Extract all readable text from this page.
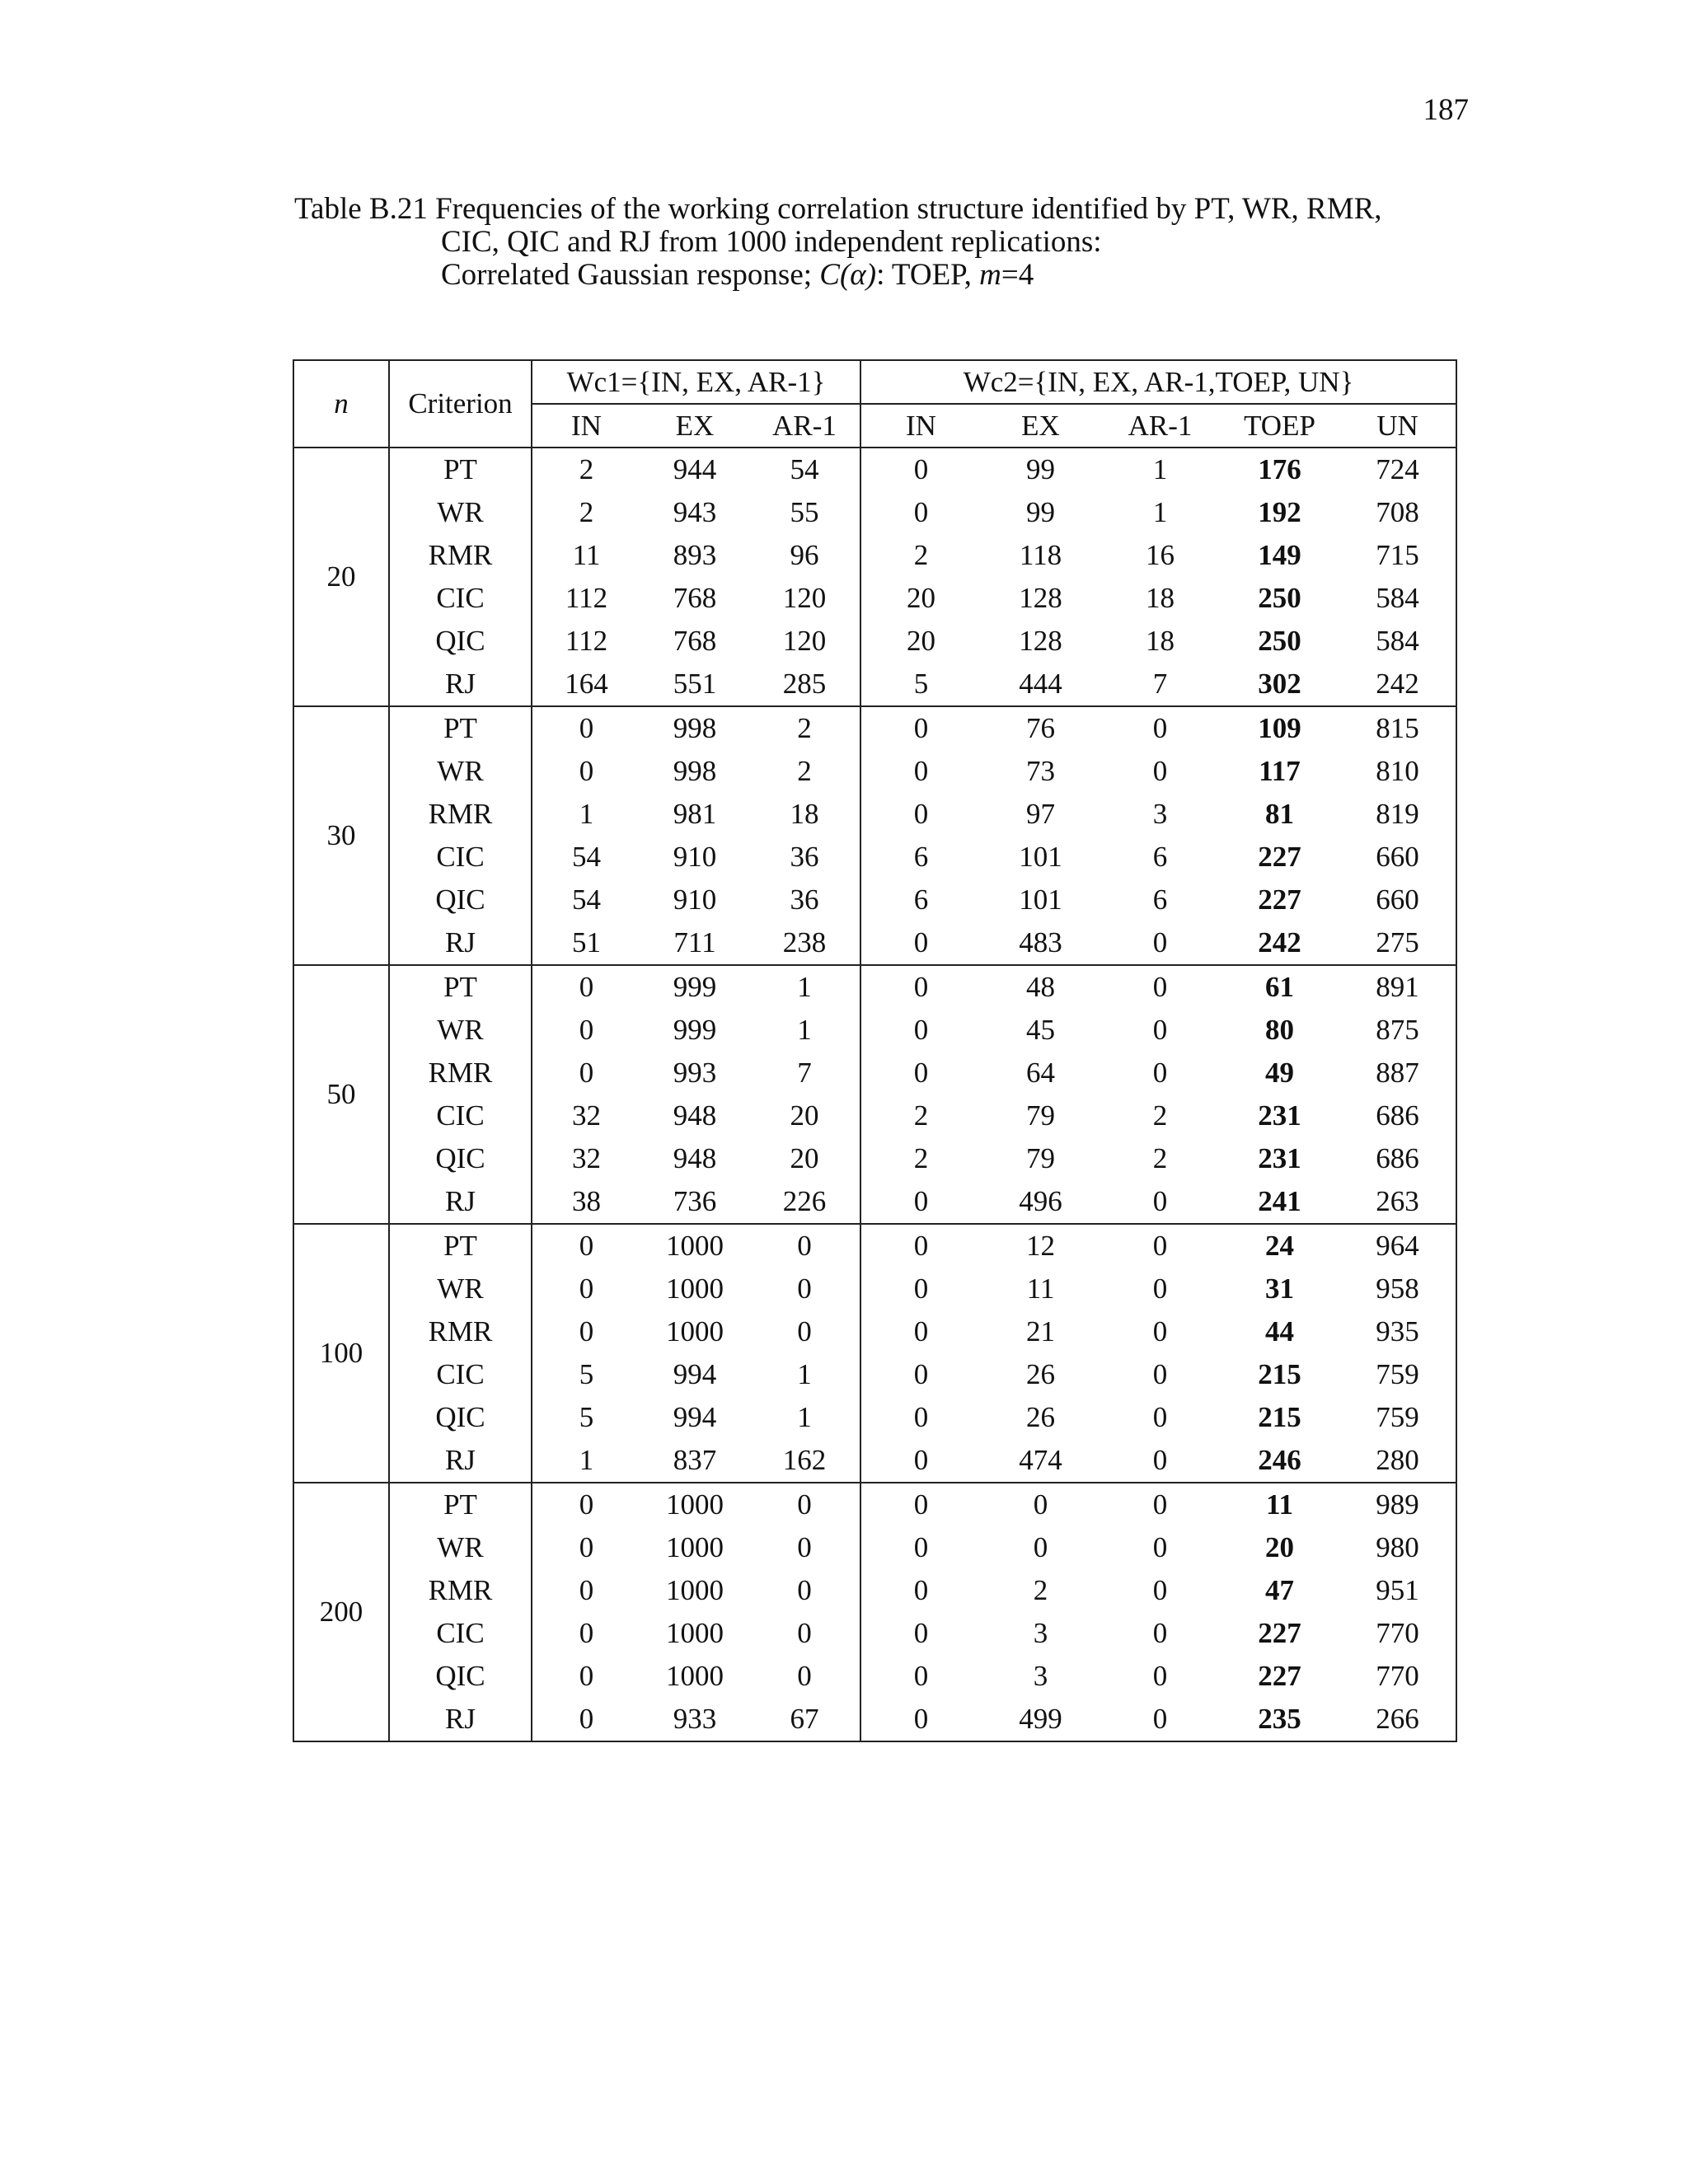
187
Table B.21 Frequencies of the working correlation structure identified by PT, WR, RMR,
CIC, QIC and RJ from 1000 independent replications:
Correlated Gaussian response; C(α): TOEP, m=4
n	Criterion	Wc1={IN, EX, AR-1}			Wc2={IN, EX, AR-1,TOEP, UN}				
		IN	EX	AR-1	IN	EX	AR-1	TOEP	UN
20	PT	2	944	54	0	99	1	176	724
	WR	2	943	55	0	99	1	192	708
	RMR	11	893	96	2	118	16	149	715
	CIC	112	768	120	20	128	18	250	584
	QIC	112	768	120	20	128	18	250	584
	RJ	164	551	285	5	444	7	302	242
30	PT	0	998	2	0	76	0	109	815
	WR	0	998	2	0	73	0	117	810
	RMR	1	981	18	0	97	3	81	819
	CIC	54	910	36	6	101	6	227	660
	QIC	54	910	36	6	101	6	227	660
	RJ	51	711	238	0	483	0	242	275
50	PT	0	999	1	0	48	0	61	891
	WR	0	999	1	0	45	0	80	875
	RMR	0	993	7	0	64	0	49	887
	CIC	32	948	20	2	79	2	231	686
	QIC	32	948	20	2	79	2	231	686
	RJ	38	736	226	0	496	0	241	263
100	PT	0	1000	0	0	12	0	24	964
	WR	0	1000	0	0	11	0	31	958
	RMR	0	1000	0	0	21	0	44	935
	CIC	5	994	1	0	26	0	215	759
	QIC	5	994	1	0	26	0	215	759
	RJ	1	837	162	0	474	0	246	280
200	PT	0	1000	0	0	0	0	11	989
	WR	0	1000	0	0	0	0	20	980
	RMR	0	1000	0	0	2	0	47	951
	CIC	0	1000	0	0	3	0	227	770
	QIC	0	1000	0	0	3	0	227	770
	RJ	0	933	67	0	499	0	235	266
